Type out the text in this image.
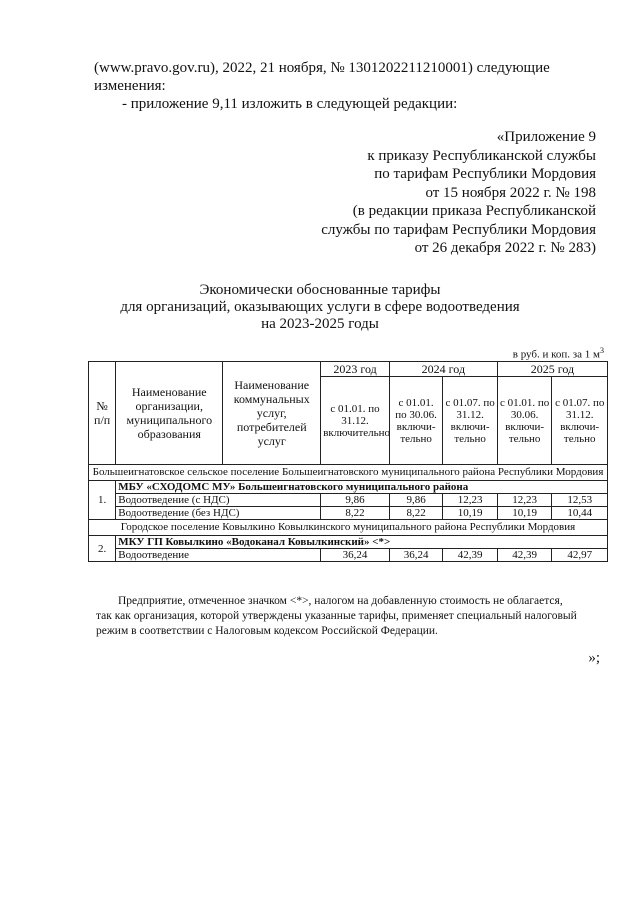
(www.pravo.gov.ru), 2022, 21 ноября, № 1301202211210001) следующие
изменения:
- приложение 9,11 изложить в следующей редакции:
«Приложение 9
к приказу Республиканской службы
по тарифам Республики Мордовия
от 15 ноября 2022 г. № 198
(в редакции приказа Республиканской
службы по тарифам Республики Мордовия
от 26 декабря 2022 г. № 283)
Экономически обоснованные тарифы
для организаций, оказывающих услуги в сфере водоотведения
на 2023-2025 годы
в руб. и коп. за 1 $м^3$
№ п/п	Наименование организации, муниципального образования	Наименование коммунальных услуг, потребителей услуг	2023 год	2024 год		2025 год	
			с 01.01. по 31.12. включительно	с 01.01. по 30.06. включи-тельно	с 01.07. по 31.12. включи-тельно	с 01.01. по 30.06. включи-тельно	с 01.07. по 31.12. включи-тельно
Большеигнатовское сельское поселение Большеигнатовского муниципального района Республики Мордовия							
1.	МБУ «СХОДОМС МУ» Большеигнатовского муниципального района						
	Водоотведение (с НДС)		9,86	9,86	12,23	12,23	12,53
	Водоотведение (без НДС)		8,22	8,22	10,19	10,19	10,44
Городское поселение Ковылкино Ковылкинского муниципального района Республики Мордовия							
2.	МКУ ГП Ковылкино «Водоканал Ковылкинский» <*>						
	Водоотведение		36,24	36,24	42,39	42,39	42,97
Предприятие, отмеченное значком <*>, налогом на добавленную стоимость не облагается,
так как организация, которой утверждены указанные тарифы, применяет специальный налоговый
режим в соответствии с Налоговым кодексом Российской Федерации.
»;
